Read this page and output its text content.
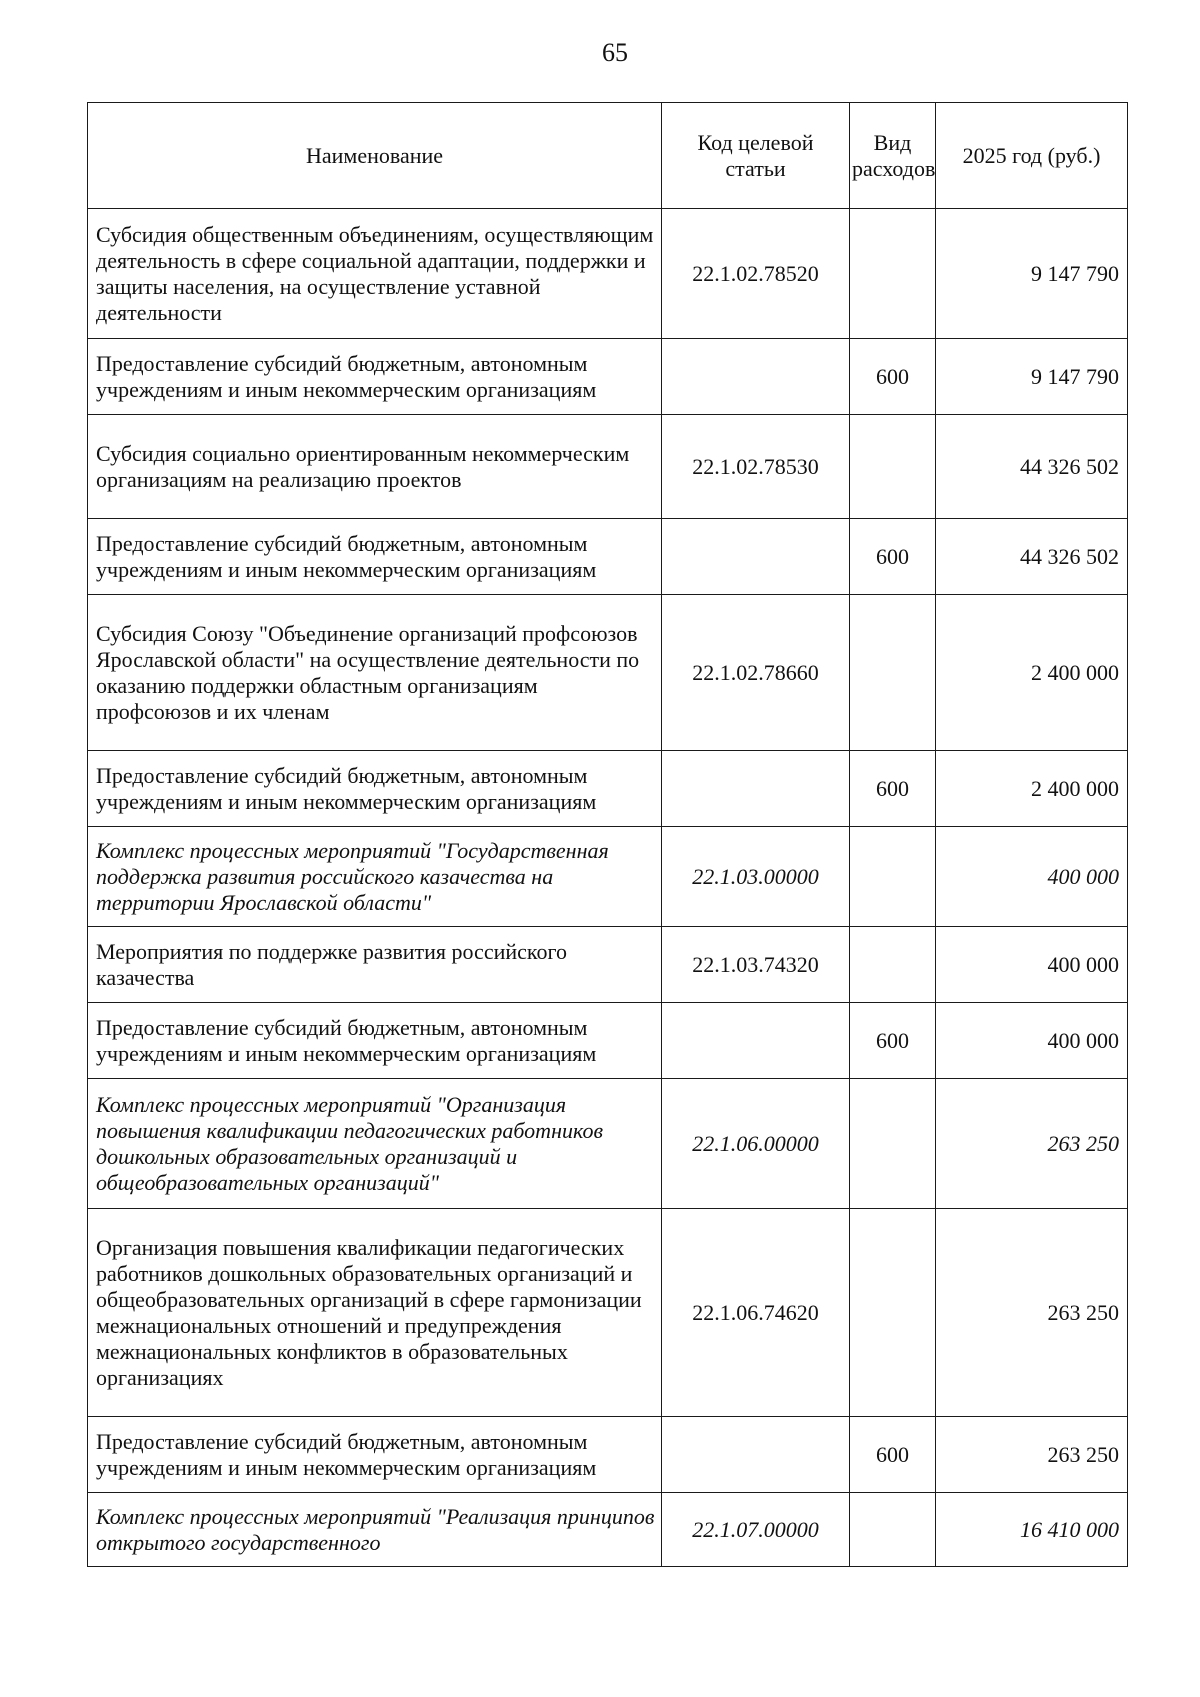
65
Наименование	Код целевой статьи	Вид расходов	2025 год (руб.)
Субсидия общественным объединениям, осуществляющим деятельность в сфере социальной адаптации, поддержки и защиты населения, на осуществление уставной деятельности	22.1.02.78520		9 147 790
Предоставление субсидий бюджетным, автономным учреждениям и иным некоммерческим организациям		600	9 147 790
Субсидия социально ориентированным некоммерческим организациям на реализацию проектов	22.1.02.78530		44 326 502
Предоставление субсидий бюджетным, автономным учреждениям и иным некоммерческим организациям		600	44 326 502
Субсидия Союзу "Объединение организаций профсоюзов Ярославской области" на осуществление деятельности по оказанию поддержки областным организациям профсоюзов и их членам	22.1.02.78660		2 400 000
Предоставление субсидий бюджетным, автономным учреждениям и иным некоммерческим организациям		600	2 400 000
Комплекс процессных мероприятий "Государственная поддержка развития российского казачества на территории Ярославской области"	22.1.03.00000		400 000
Мероприятия по поддержке развития российского казачества	22.1.03.74320		400 000
Предоставление субсидий бюджетным, автономным учреждениям и иным некоммерческим организациям		600	400 000
Комплекс процессных мероприятий "Организация повышения квалификации педагогических работников дошкольных образовательных организаций и общеобразовательных организаций"	22.1.06.00000		263 250
Организация повышения квалификации педагогических работников дошкольных образовательных организаций и общеобразовательных организаций в сфере гармонизации межнациональных отношений и предупреждения межнациональных конфликтов в образовательных организациях	22.1.06.74620		263 250
Предоставление субсидий бюджетным, автономным учреждениям и иным некоммерческим организациям		600	263 250
Комплекс процессных мероприятий "Реализация принципов открытого государственного	22.1.07.00000		16 410 000
